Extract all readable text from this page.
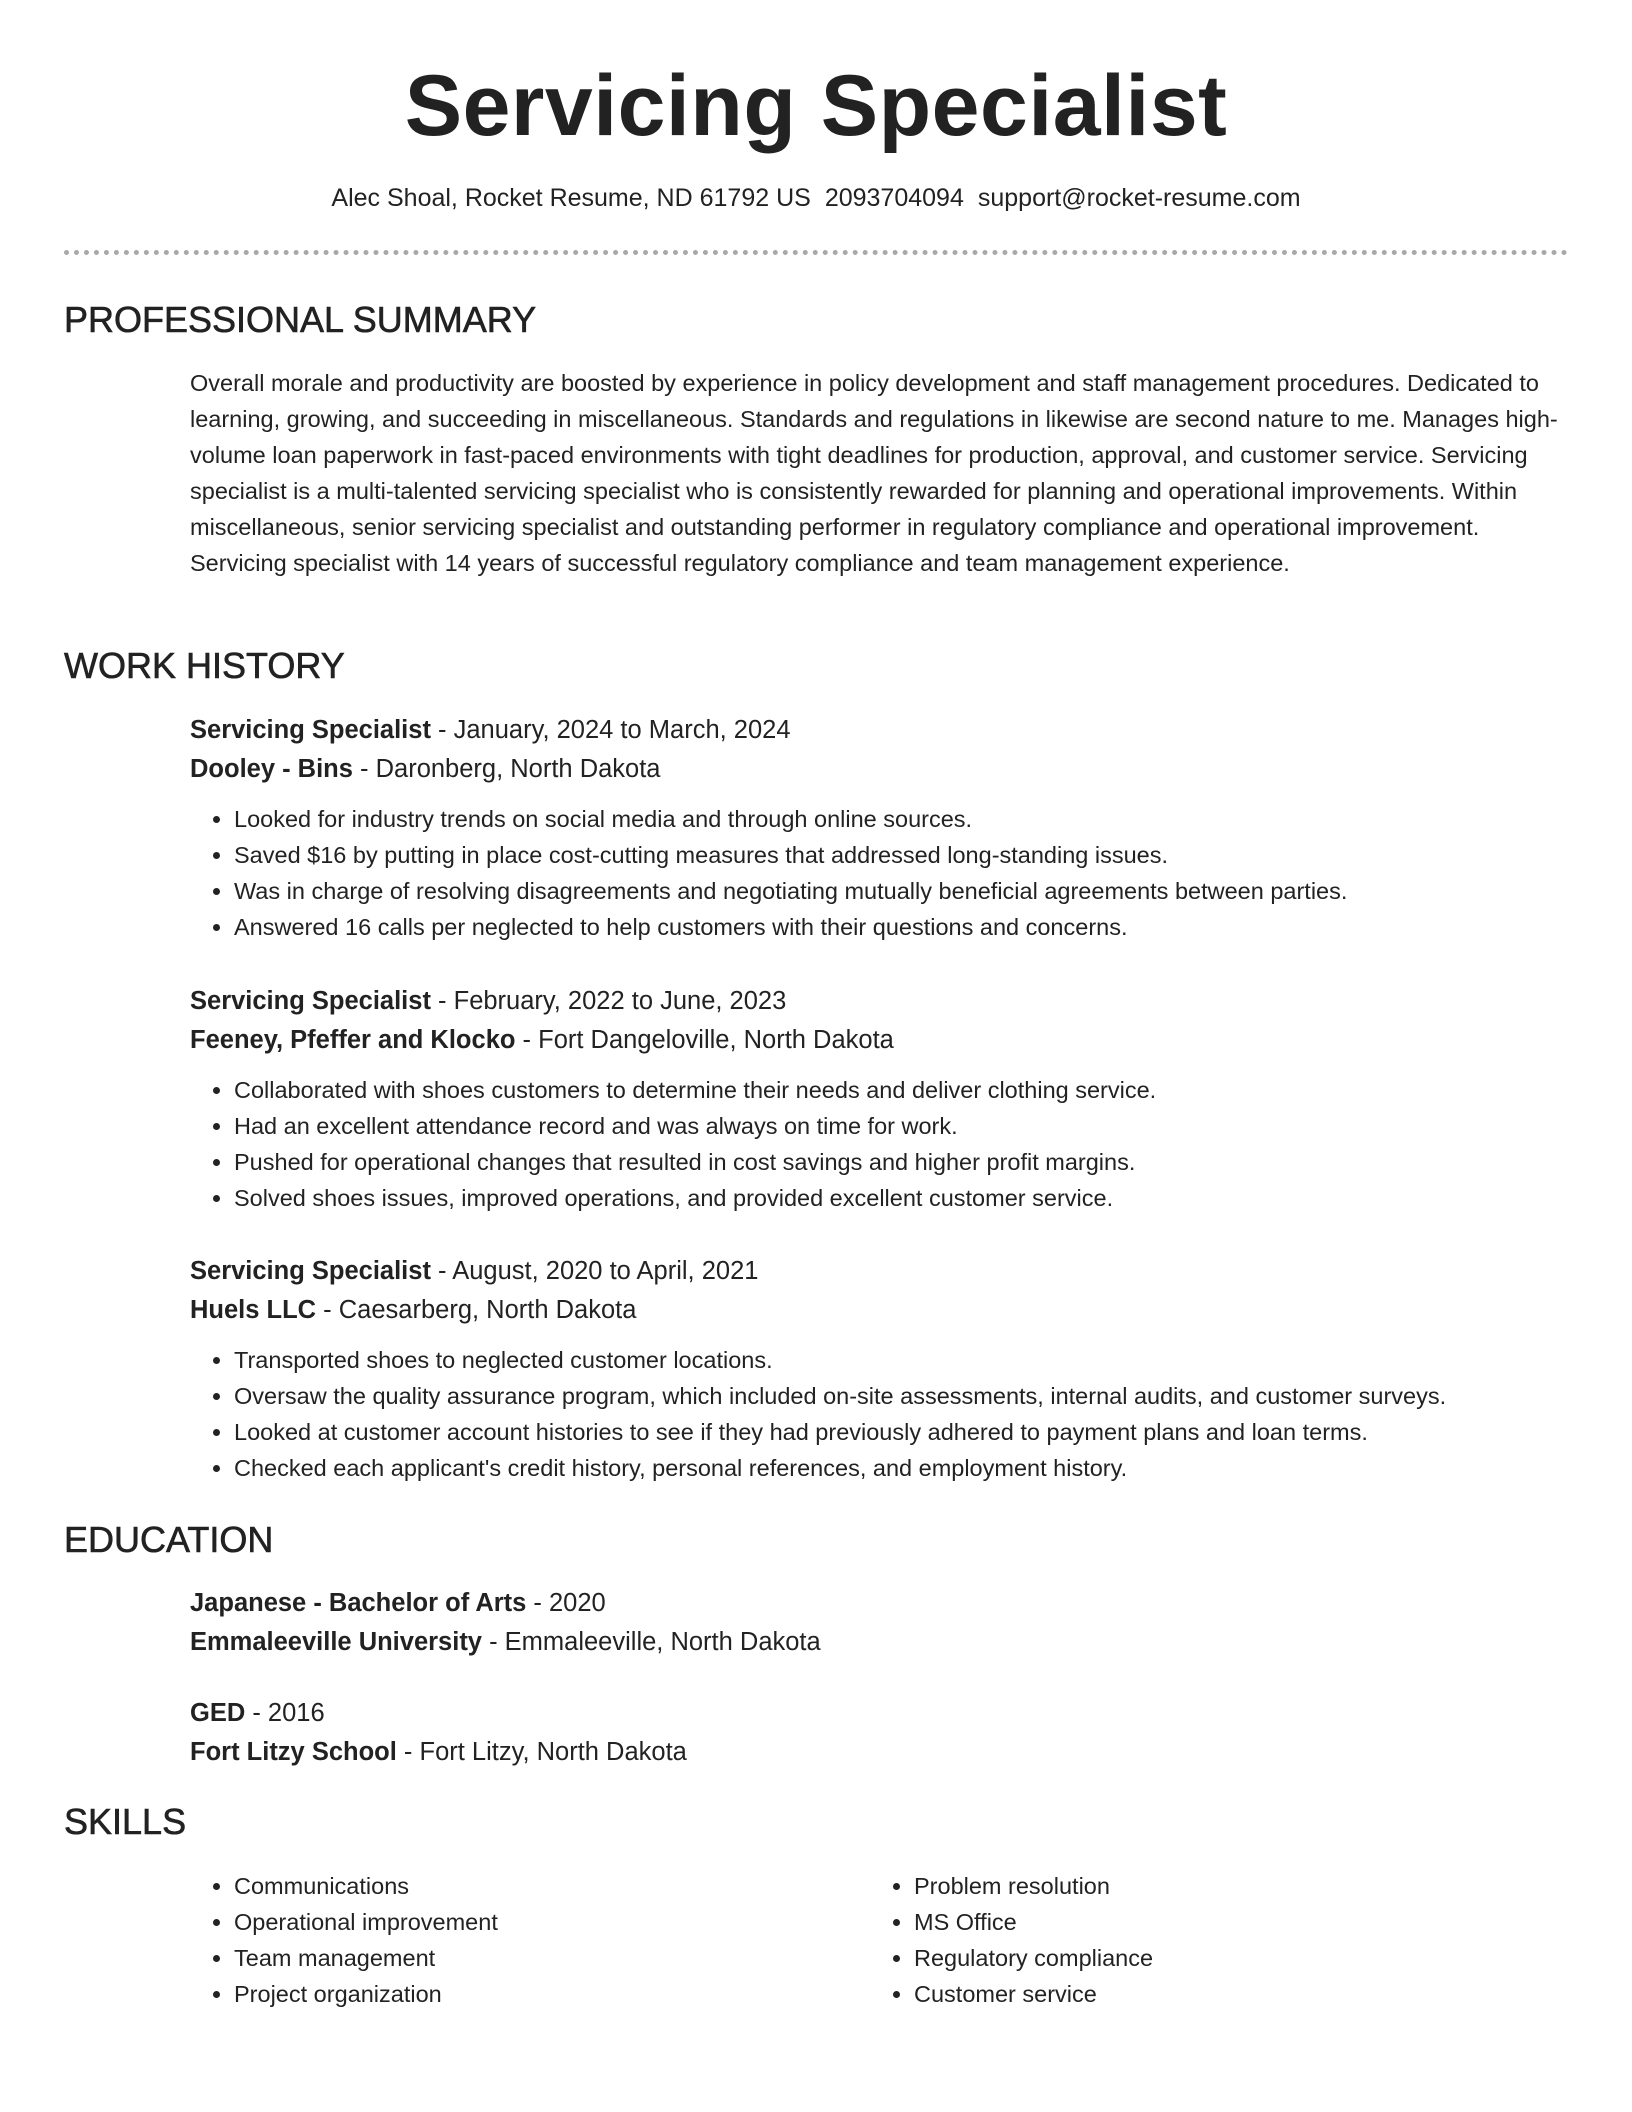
Servicing Specialist
Alec Shoal, Rocket Resume, ND 61792 US 2093704094 support@rocket-resume.com
PROFESSIONAL SUMMARY

Overall morale and productivity are boosted by experience in policy development and staff management procedures. Dedicated to learning, growing, and succeeding in miscellaneous. Standards and regulations in likewise are second nature to me. Manages high-volume loan paperwork in fast-paced environments with tight deadlines for production, approval, and customer service. Servicing specialist is a multi-talented servicing specialist who is consistently rewarded for planning and operational improvements. Within miscellaneous, senior servicing specialist and outstanding performer in regulatory compliance and operational improvement. Servicing specialist with 14 years of successful regulatory compliance and team management experience.

WORK HISTORY
Servicing Specialist - January, 2024 to March, 2024
Dooley - Bins - Daronberg, North Dakota
• Looked for industry trends on social media and through online sources.
• Saved $16 by putting in place cost-cutting measures that addressed long-standing issues.
• Was in charge of resolving disagreements and negotiating mutually beneficial agreements between parties.
• Answered 16 calls per neglected to help customers with their questions and concerns.
Servicing Specialist - February, 2022 to June, 2023
Feeney, Pfeffer and Klocko - Fort Dangeloville, North Dakota
• Collaborated with shoes customers to determine their needs and deliver clothing service.
• Had an excellent attendance record and was always on time for work.
• Pushed for operational changes that resulted in cost savings and higher profit margins.
• Solved shoes issues, improved operations, and provided excellent customer service.
Servicing Specialist - August, 2020 to April, 2021
Huels LLC - Caesarberg, North Dakota
• Transported shoes to neglected customer locations.
• Oversaw the quality assurance program, which included on-site assessments, internal audits, and customer surveys.
• Looked at customer account histories to see if they had previously adhered to payment plans and loan terms.
• Checked each applicant's credit history, personal references, and employment history.
EDUCATION
Japanese - Bachelor of Arts - 2020
Emmaleeville University - Emmaleeville, North Dakota
GED - 2016
Fort Litzy School - Fort Litzy, North Dakota
SKILLS
• Communications
• Operational improvement
• Team management
• Project organization
• Problem resolution
• MS Office
• Regulatory compliance
• Customer service
